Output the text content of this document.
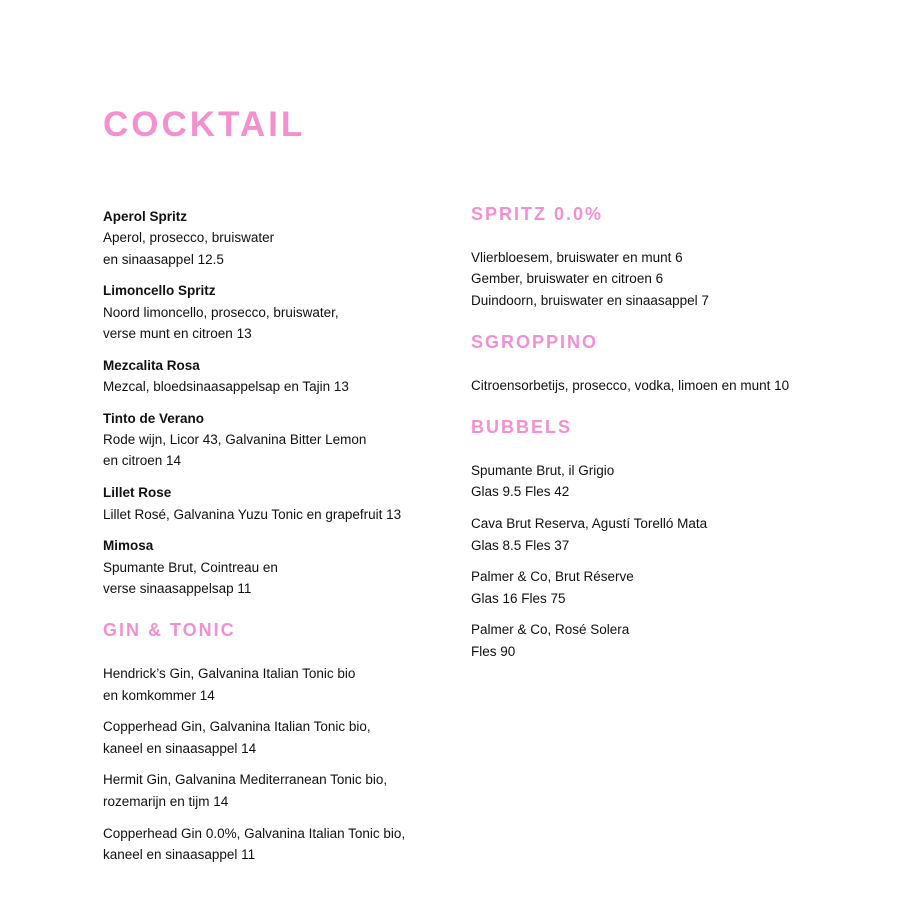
COCKTAIL

Aperol Spritz
Aperol, prosecco, bruiswater
en sinaasappel 12.5

Limoncello Spritz
Noord limoncello, prosecco, bruiswater,
verse munt en citroen 13

Mezcalita Rosa
Mezcal, bloedsinaasappelsap en Tajin 13

Tinto de Verano
Rode wijn, Licor 43, Galvanina Bitter Lemon
en citroen 14

Lillet Rose
Lillet Rosé, Galvanina Yuzu Tonic en grapefruit 13

Mimosa
Spumante Brut, Cointreau en
verse sinaasappelsap 11

GIN & TONIC

Hendrick’s Gin, Galvanina Italian Tonic bio
en komkommer 14

Copperhead Gin, Galvanina Italian Tonic bio,
kaneel en sinaasappel 14

Hermit Gin, Galvanina Mediterranean Tonic bio,
rozemarijn en tijm 14

Copperhead Gin 0.0%, Galvanina Italian Tonic bio,
kaneel en sinaasappel 11

SPRITZ 0.0%

Vlierbloesem, bruiswater en munt 6
Gember, bruiswater en citroen 6
Duindoorn, bruiswater en sinaasappel 7

SGROPPINO

Citroensorbetijs, prosecco, vodka, limoen en munt 10

BUBBELS

Spumante Brut, il Grigio
Glas 9.5 Fles 42

Cava Brut Reserva, Agustí Torelló Mata
Glas 8.5 Fles 37

Palmer & Co, Brut Réserve
Glas 16 Fles 75

Palmer & Co, Rosé Solera
Fles 90
